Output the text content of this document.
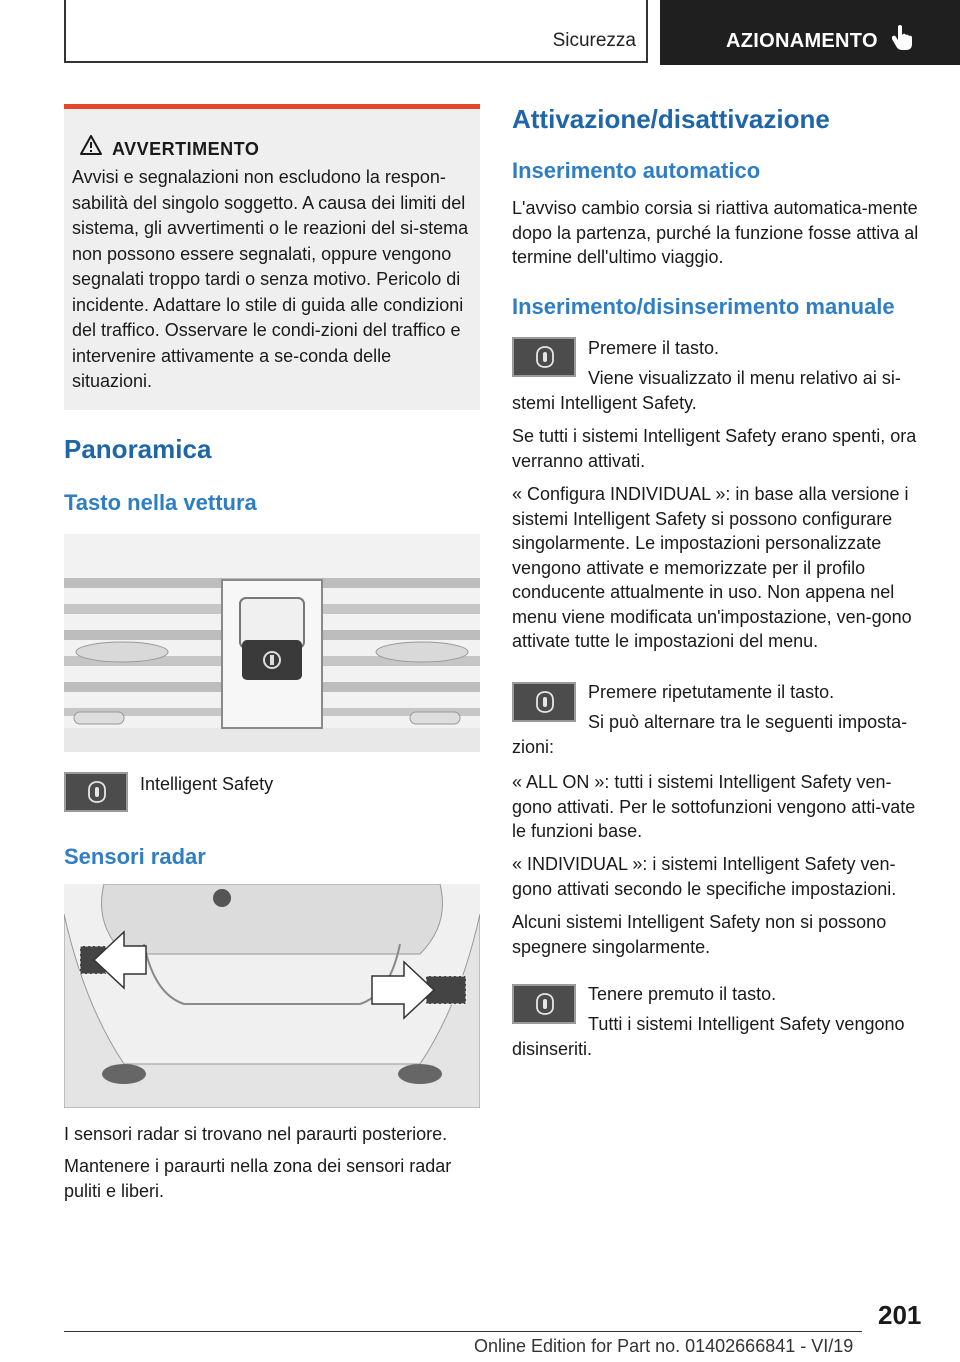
Sicurezza	AZIONAMENTO
AVVERTIMENTO

Avvisi e segnalazioni non escludono la respon-sabilità del singolo soggetto. A causa dei limiti del sistema, gli avvertimenti o le reazioni del si-stema non possono essere segnalati, oppure vengono segnalati troppo tardi o senza motivo. Pericolo di incidente. Adattare lo stile di guida alle condizioni del traffico. Osservare le condi-zioni del traffico e intervenire attivamente a se-conda delle situazioni.

Panoramica
Tasto nella vettura
Intelligent Safety
Sensori radar

I sensori radar si trovano nel paraurti posteriore.

Mantenere i paraurti nella zona dei sensori radar puliti e liberi.

Attivazione/disattivazione
Inserimento automatico

L'avviso cambio corsia si riattiva automatica-mente dopo la partenza, purché la funzione fosse attiva al termine dell'ultimo viaggio.

Inserimento/disinserimento manuale

Premere il tasto.

Viene visualizzato il menu relativo ai si-stemi Intelligent Safety.

Se tutti i sistemi Intelligent Safety erano spenti, ora verranno attivati.

« Configura INDIVIDUAL »: in base alla versione i sistemi Intelligent Safety si possono configurare singolarmente. Le impostazioni personalizzate vengono attivate e memorizzate per il profilo conducente attualmente in uso. Non appena nel menu viene modificata un'impostazione, ven-gono attivate tutte le impostazioni del menu.

Premere ripetutamente il tasto.

Si può alternare tra le seguenti imposta-zioni:

« ALL ON »: tutti i sistemi Intelligent Safety ven-gono attivati. Per le sottofunzioni vengono atti-vate le funzioni base.

« INDIVIDUAL »: i sistemi Intelligent Safety ven-gono attivati secondo le specifiche impostazioni.

Alcuni sistemi Intelligent Safety non si possono spegnere singolarmente.

Tenere premuto il tasto.

Tutti i sistemi Intelligent Safety vengono disinseriti.

201
Online Edition for Part no. 01402666841 - VI/19
